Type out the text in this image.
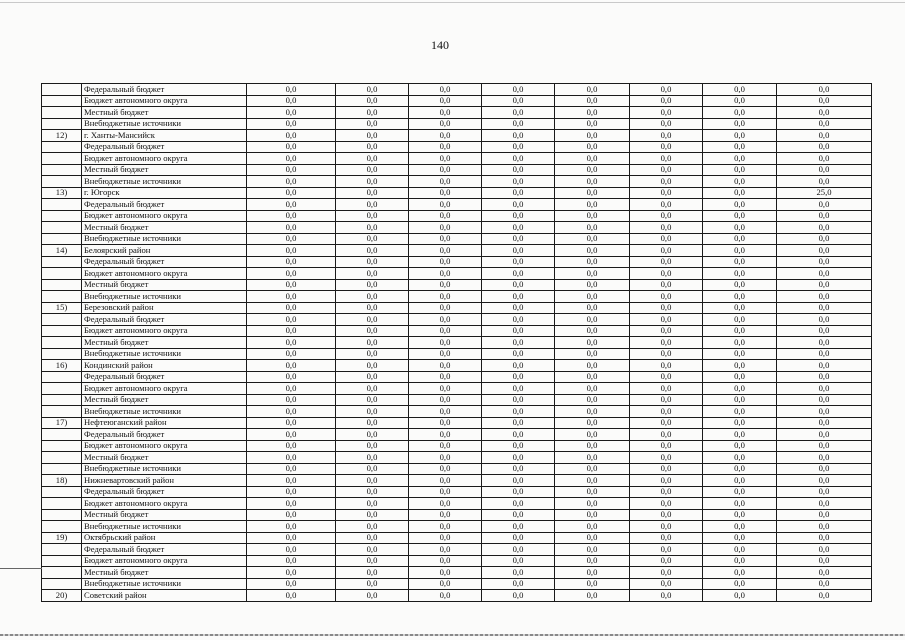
140
	Федеральный бюджет	0,0	0,0	0,0	0,0	0,0	0,0	0,0	0,0
	Бюджет автономного округа	0,0	0,0	0,0	0,0	0,0	0,0	0,0	0,0
	Местный бюджет	0,0	0,0	0,0	0,0	0,0	0,0	0,0	0,0
	Внебюджетные источники	0,0	0,0	0,0	0,0	0,0	0,0	0,0	0,0
12)	г. Ханты-Мансийск	0,0	0,0	0,0	0,0	0,0	0,0	0,0	0,0
	Федеральный бюджет	0,0	0,0	0,0	0,0	0,0	0,0	0,0	0,0
	Бюджет автономного округа	0,0	0,0	0,0	0,0	0,0	0,0	0,0	0,0
	Местный бюджет	0,0	0,0	0,0	0,0	0,0	0,0	0,0	0,0
	Внебюджетные источники	0,0	0,0	0,0	0,0	0,0	0,0	0,0	0,0
13)	г. Югорск	0,0	0,0	0,0	0,0	0,0	0,0	0,0	25,0
	Федеральный бюджет	0,0	0,0	0,0	0,0	0,0	0,0	0,0	0,0
	Бюджет автономного округа	0,0	0,0	0,0	0,0	0,0	0,0	0,0	0,0
	Местный бюджет	0,0	0,0	0,0	0,0	0,0	0,0	0,0	0,0
	Внебюджетные источники	0,0	0,0	0,0	0,0	0,0	0,0	0,0	0,0
14)	Белоярский район	0,0	0,0	0,0	0,0	0,0	0,0	0,0	0,0
	Федеральный бюджет	0,0	0,0	0,0	0,0	0,0	0,0	0,0	0,0
	Бюджет автономного округа	0,0	0,0	0,0	0,0	0,0	0,0	0,0	0,0
	Местный бюджет	0,0	0,0	0,0	0,0	0,0	0,0	0,0	0,0
	Внебюджетные источники	0,0	0,0	0,0	0,0	0,0	0,0	0,0	0,0
15)	Березовский район	0,0	0,0	0,0	0,0	0,0	0,0	0,0	0,0
	Федеральный бюджет	0,0	0,0	0,0	0,0	0,0	0,0	0,0	0,0
	Бюджет автономного округа	0,0	0,0	0,0	0,0	0,0	0,0	0,0	0,0
	Местный бюджет	0,0	0,0	0,0	0,0	0,0	0,0	0,0	0,0
	Внебюджетные источники	0,0	0,0	0,0	0,0	0,0	0,0	0,0	0,0
16)	Кондинский район	0,0	0,0	0,0	0,0	0,0	0,0	0,0	0,0
	Федеральный бюджет	0,0	0,0	0,0	0,0	0,0	0,0	0,0	0,0
	Бюджет автономного округа	0,0	0,0	0,0	0,0	0,0	0,0	0,0	0,0
	Местный бюджет	0,0	0,0	0,0	0,0	0,0	0,0	0,0	0,0
	Внебюджетные источники	0,0	0,0	0,0	0,0	0,0	0,0	0,0	0,0
17)	Нефтеюганский район	0,0	0,0	0,0	0,0	0,0	0,0	0,0	0,0
	Федеральный бюджет	0,0	0,0	0,0	0,0	0,0	0,0	0,0	0,0
	Бюджет автономного округа	0,0	0,0	0,0	0,0	0,0	0,0	0,0	0,0
	Местный бюджет	0,0	0,0	0,0	0,0	0,0	0,0	0,0	0,0
	Внебюджетные источники	0,0	0,0	0,0	0,0	0,0	0,0	0,0	0,0
18)	Нижневартовский район	0,0	0,0	0,0	0,0	0,0	0,0	0,0	0,0
	Федеральный бюджет	0,0	0,0	0,0	0,0	0,0	0,0	0,0	0,0
	Бюджет автономного округа	0,0	0,0	0,0	0,0	0,0	0,0	0,0	0,0
	Местный бюджет	0,0	0,0	0,0	0,0	0,0	0,0	0,0	0,0
	Внебюджетные источники	0,0	0,0	0,0	0,0	0,0	0,0	0,0	0,0
19)	Октябрьский район	0,0	0,0	0,0	0,0	0,0	0,0	0,0	0,0
	Федеральный бюджет	0,0	0,0	0,0	0,0	0,0	0,0	0,0	0,0
	Бюджет автономного округа	0,0	0,0	0,0	0,0	0,0	0,0	0,0	0,0
	Местный бюджет	0,0	0,0	0,0	0,0	0,0	0,0	0,0	0,0
	Внебюджетные источники	0,0	0,0	0,0	0,0	0,0	0,0	0,0	0,0
20)	Советский район	0,0	0,0	0,0	0,0	0,0	0,0	0,0	0,0
